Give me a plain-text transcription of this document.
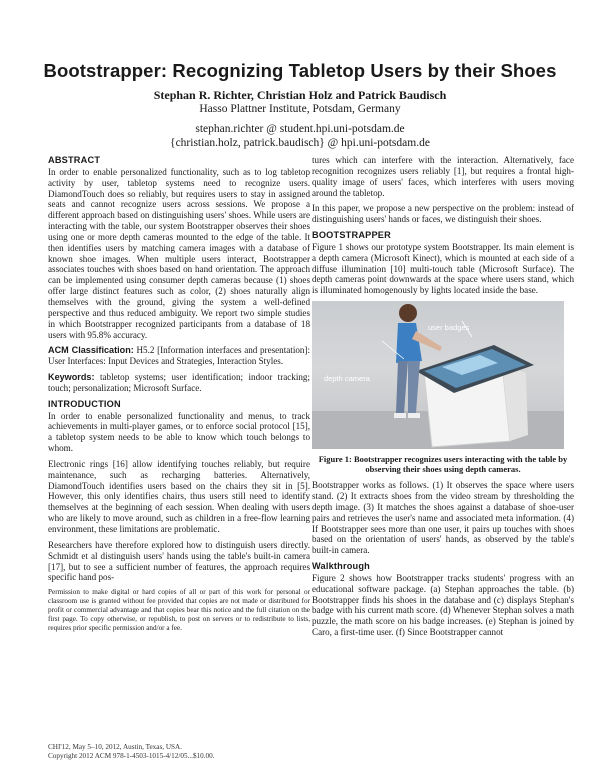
Bootstrapper: Recognizing Tabletop Users by their Shoes
Stephan R. Richter, Christian Holz and Patrick Baudisch
Hasso Plattner Institute, Potsdam, Germany
stephan.richter @ student.hpi.uni-potsdam.de
{christian.holz, patrick.baudisch} @ hpi.uni-potsdam.de
ABSTRACT

In order to enable personalized functionality, such as to log tabletop activity by user, tabletop systems need to recognize users. DiamondTouch does so reliably, but requires users to stay in assigned seats and cannot recognize users across sessions. We propose a different approach based on distinguishing users' shoes. While users are interacting with the table, our system Bootstrapper observes their shoes using one or more depth cameras mounted to the edge of the table. It then identifies users by matching camera images with a database of known shoe images. When multiple users interact, Bootstrapper associates touches with shoes based on hand orientation. The approach can be implemented using consumer depth cameras because (1) shoes offer large distinct features such as color, (2) shoes naturally align themselves with the ground, giving the system a well-defined perspective and thus reduced ambiguity. We report two simple studies in which Bootstrapper recognized participants from a database of 18 users with 95.8% accuracy.

ACM Classification: H5.2 [Information interfaces and presentation]: User Interfaces: Input Devices and Strategies, Interaction Styles.

Keywords: tabletop systems; user identification; indoor tracking; touch; personalization; Microsoft Surface.

INTRODUCTION

In order to enable personalized functionality and menus, to track achievements in multi-player games, or to enforce social protocol [15], a tabletop system needs to be able to know which touch belongs to whom.

Electronic rings [16] allow identifying touches reliably, but require maintenance, such as recharging batteries. Alternatively, DiamondTouch identifies users based on the chairs they sit in [5]. However, this only identifies chairs, thus users still need to identify themselves at the beginning of each session. When dealing with users who are likely to move around, such as children in a free-flow learning environment, these limitations are problematic.

Researchers have therefore explored how to distinguish users directly. Schmidt et al distinguish users' hands using the table's built-in camera [17], but to see a sufficient number of features, the approach requires specific hand pos-

Permission to make digital or hard copies of all or part of this work for personal or classroom use is granted without fee provided that copies are not made or distributed for profit or commercial advantage and that copies bear this notice and the full citation on the first page. To copy otherwise, or republish, to post on servers or to redistribute to lists, requires prior specific permission and/or a fee.

tures which can interfere with the interaction. Alternatively, face recognition recognizes users reliably [1], but requires a frontal high-quality image of users' faces, which interferes with users moving around the tabletop.

In this paper, we propose a new perspective on the problem: instead of distinguishing users' hands or faces, we distinguish their shoes.

BOOTSTRAPPER

Figure 1 shows our prototype system Bootstrapper. Its main element is a depth camera (Microsoft Kinect), which is mounted at each side of a diffuse illumination [10] multi-touch table (Microsoft Surface). The depth cameras point downwards at the space where users stand, which is illuminated homogenously by lights located inside the base.

user badges
depth camera
Figure 1: Bootstrapper recognizes users interacting with the table by observing their shoes using depth cameras.

Bootstrapper works as follows. (1) It observes the space where users stand. (2) It extracts shoes from the video stream by thresholding the depth image. (3) It matches the shoes against a database of shoe-user pairs and retrieves the user's name and associated meta information. (4) If Bootstrapper sees more than one user, it pairs up touches with shoes based on the orientation of users' hands, as observed by the table's built-in camera.

Walkthrough

Figure 2 shows how Bootstrapper tracks students' progress with an educational software package. (a) Stephan approaches the table. (b) Bootstrapper finds his shoes in the database and (c) displays Stephan's badge with his current math score. (d) Whenever Stephan solves a math puzzle, the math score on his badge increases. (e) Stephan is joined by Caro, a first-time user. (f) Since Bootstrapper cannot

CHI'12, May 5–10, 2012, Austin, Texas, USA.
Copyright 2012 ACM 978-1-4503-1015-4/12/05...$10.00.
